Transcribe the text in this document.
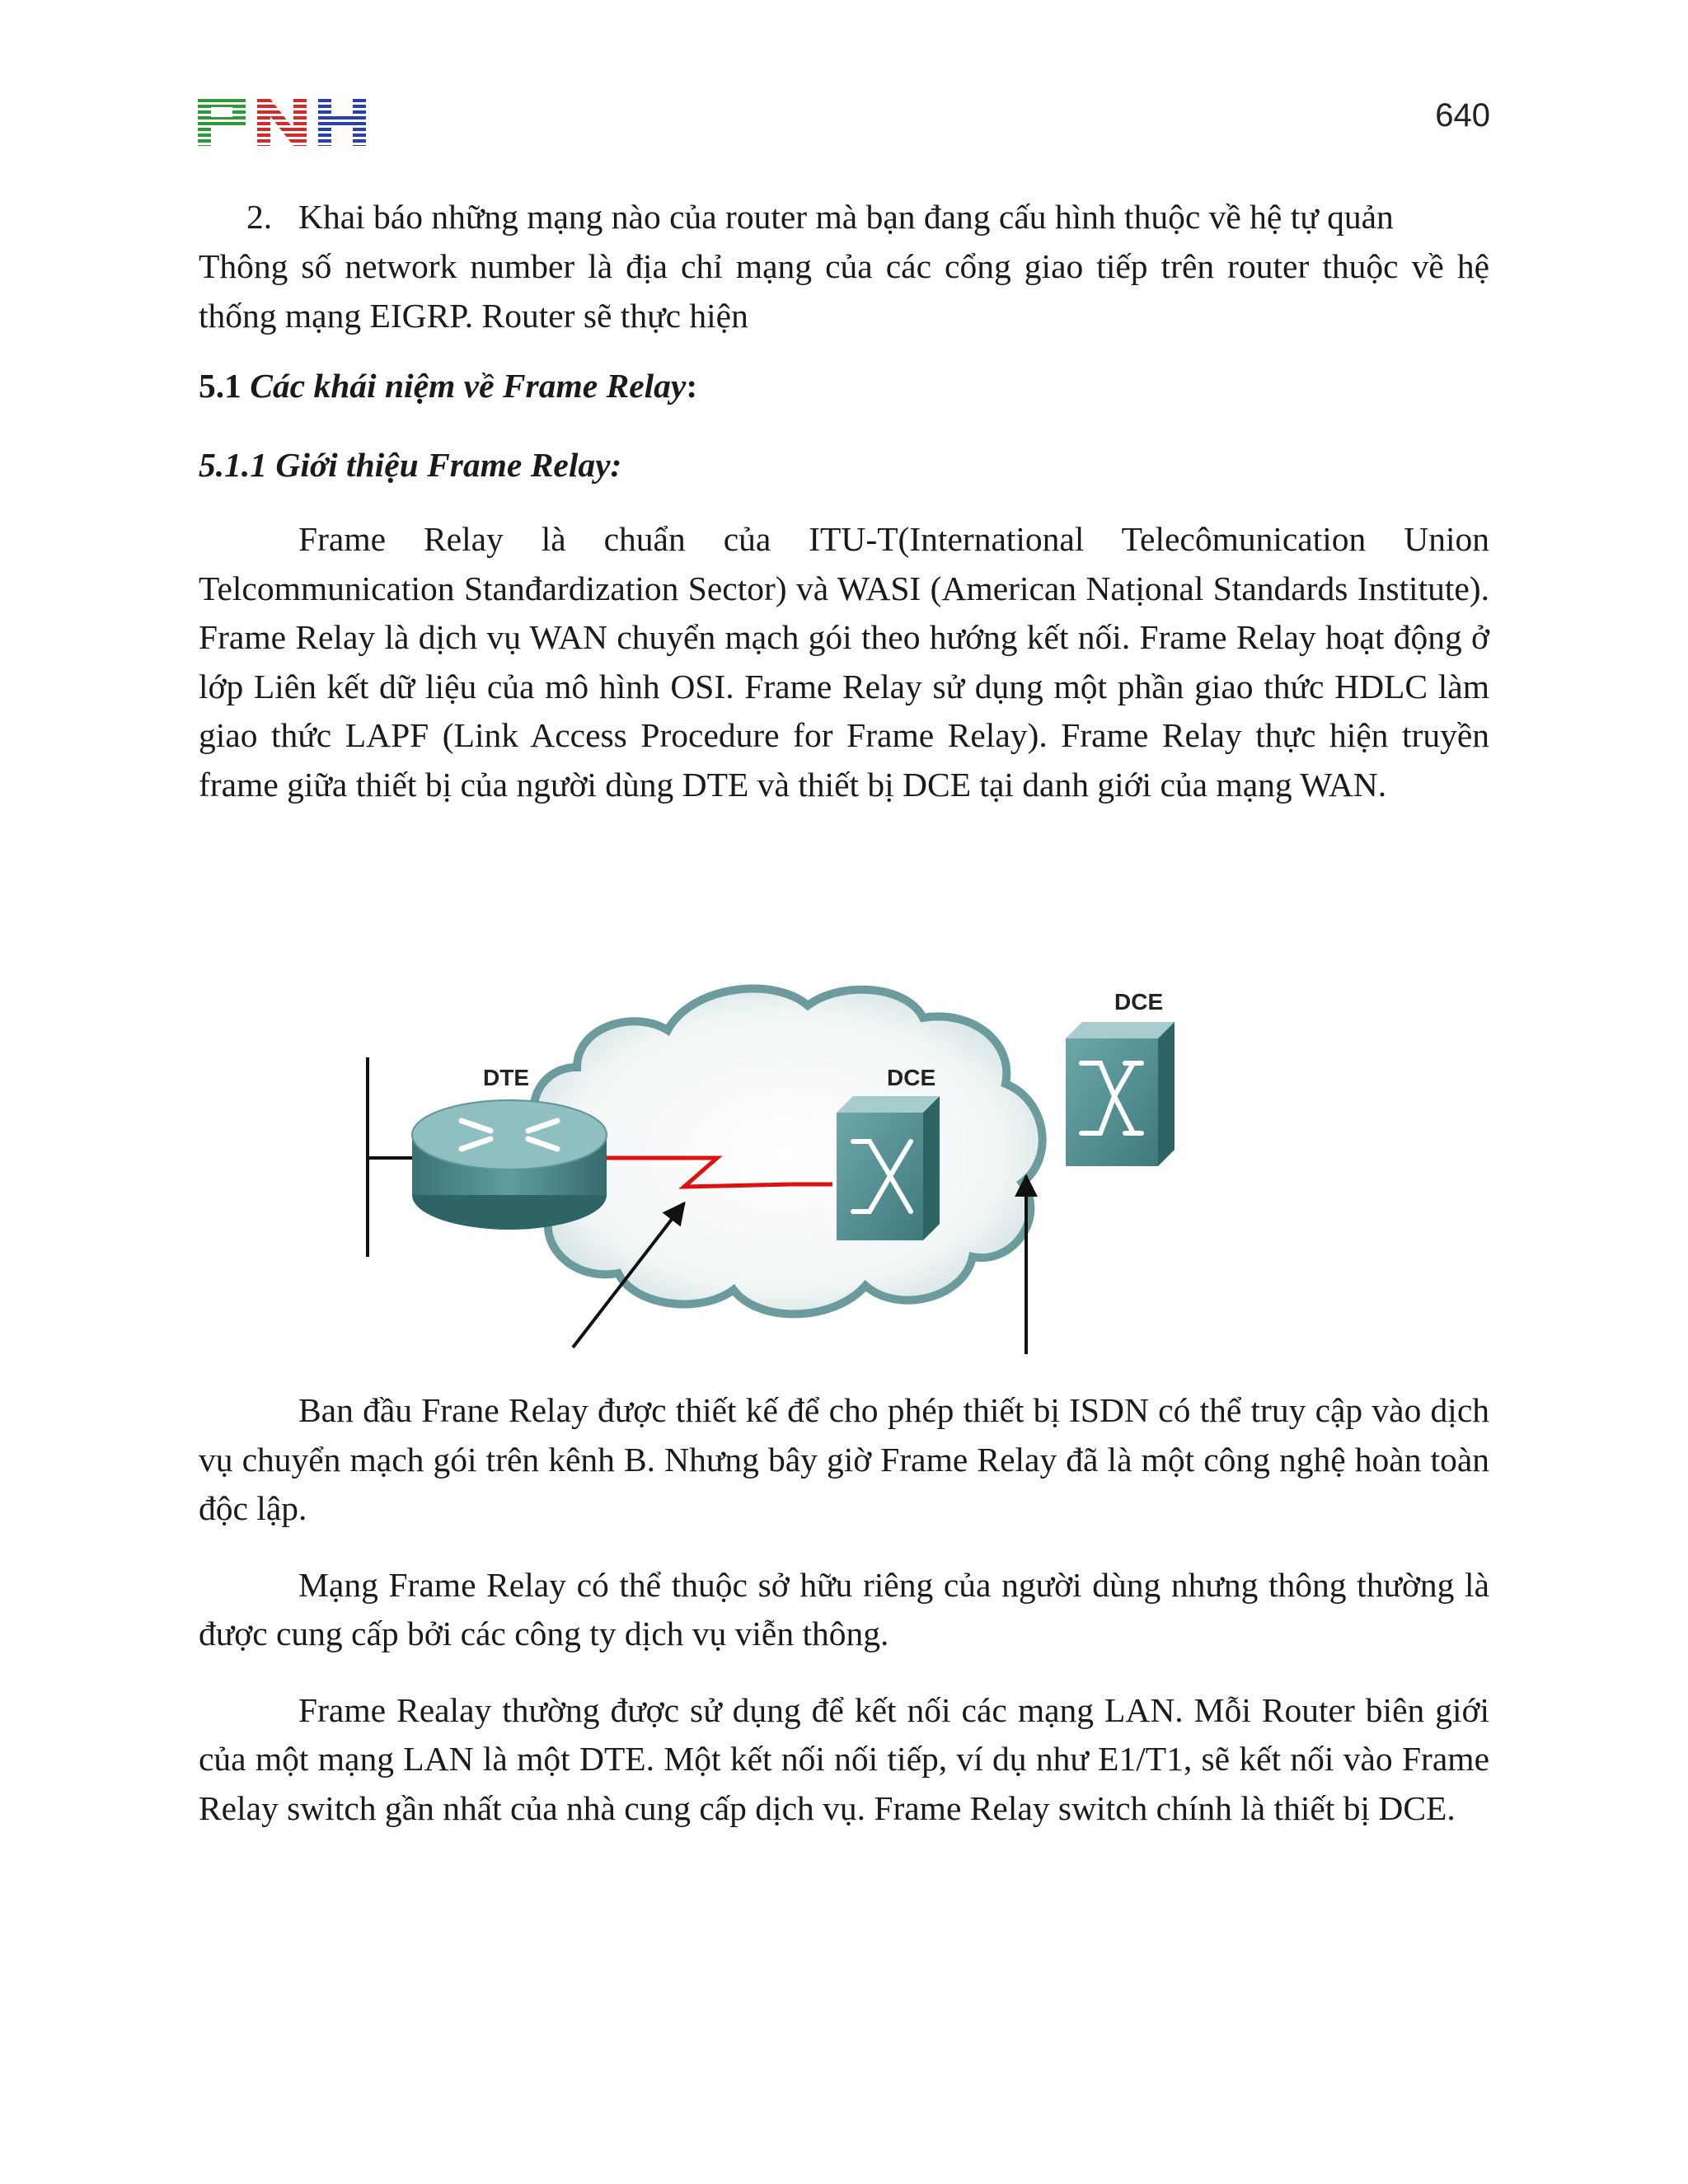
640
2. Khai báo những mạng nào của router mà bạn đang cấu hình thuộc về hệ tự quản

Thông số network number là địa chỉ mạng của các cổng giao tiếp trên router thuộc về hệ thống mạng EIGRP. Router sẽ thực hiện

5.1 Các khái niệm về Frame Relay:
5.1.1 Giới thiệu Frame Relay:

Frame Relay là chuẩn của ITU-T(International Telecômunication Union Telcommunication Stanđardization Sector) và WASI (American Natịonal Standards Institute). Frame Relay là dịch vụ WAN chuyển mạch gói theo hướng kết nối. Frame Relay hoạt động ở lớp Liên kết dữ liệu của mô hình OSI. Frame Relay sử dụng một phần giao thức HDLC làm giao thức LAPF (Link Access Procedure for Frame Relay). Frame Relay thực hiện truyền frame giữa thiết bị của người dùng DTE và thiết bị DCE tại danh giới của mạng WAN.

DTE	DCE
DCE

Ban đầu Frane Relay được thiết kế để cho phép thiết bị ISDN có thể truy cập vào dịch vụ chuyển mạch gói trên kênh B. Nhưng bây giờ Frame Relay đã là một công nghệ hoàn toàn độc lập.

Mạng Frame Relay có thể thuộc sở hữu riêng của người dùng nhưng thông thường là được cung cấp bởi các công ty dịch vụ viễn thông.

Frame Realay thường được sử dụng để kết nối các mạng LAN. Mỗi Router biên giới của một mạng LAN là một DTE. Một kết nối nối tiếp, ví dụ như E1/T1, sẽ kết nối vào Frame Relay switch gần nhất của nhà cung cấp dịch vụ. Frame Relay switch chính là thiết bị DCE.
